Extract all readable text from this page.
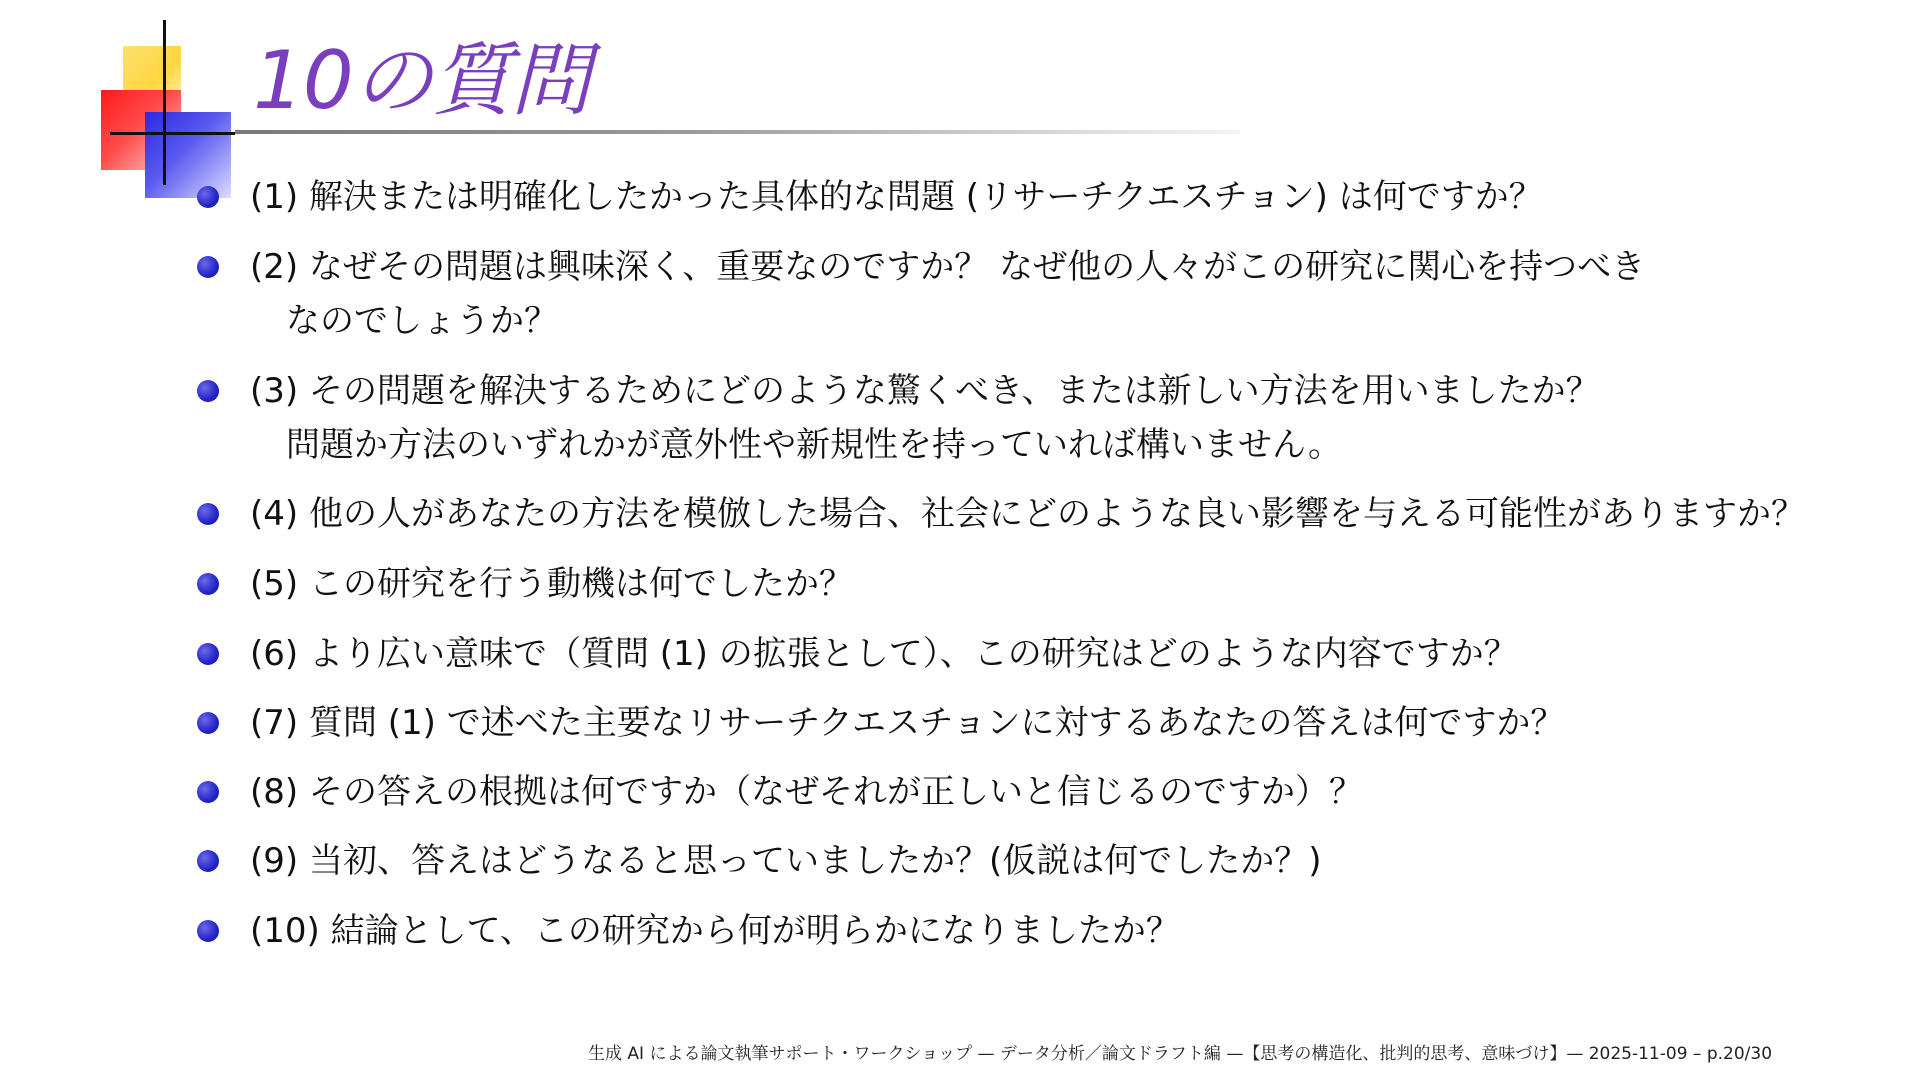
10の質問
(1) 解決または明確化したかった具体的な問題 (リサーチクエスチョン) は何ですか？
(2) なぜその問題は興味深く、重要なのですか？ なぜ他の人々がこの研究に関心を持つべき
なのでしょうか？
(3) その問題を解決するためにどのような驚くべき、または新しい方法を用いましたか？
問題か方法のいずれかが意外性や新規性を持っていれば構いません。
(4) 他の人があなたの方法を模倣した場合、社会にどのような良い影響を与える可能性がありますか？
(5) この研究を行う動機は何でしたか？
(6) より広い意味で（質問 (1) の拡張として）、この研究はどのような内容ですか？
(7) 質問 (1) で述べた主要なリサーチクエスチョンに対するあなたの答えは何ですか？
(8) その答えの根拠は何ですか（なぜそれが正しいと信じるのですか）？
(9) 当初、答えはどうなると思っていましたか？(仮説は何でしたか？)
(10) 結論として、この研究から何が明らかになりましたか？
生成 AI による論文執筆サポート・ワークショップ — データ分析／論文ドラフト編 —【思考の構造化、批判的思考、意味づけ】— 2025-11-09 – p.20/30
